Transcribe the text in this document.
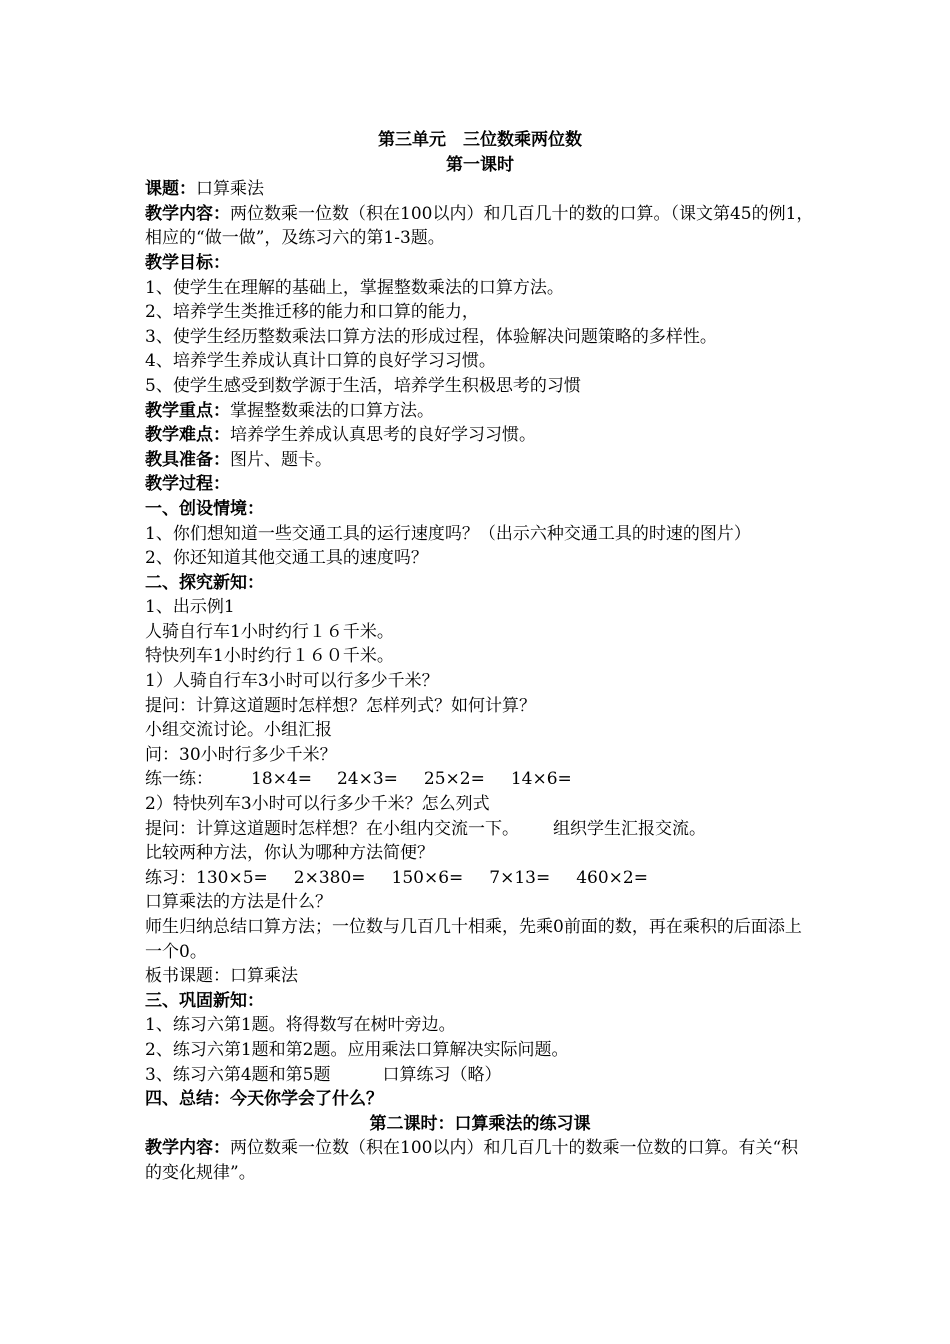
第三单元　三位数乘两位数
第一课时
课题：口算乘法
教学内容：两位数乘一位数（积在100以内）和几百几十的数的口算。（课文第45的例1，相应的“做一做”，及练习六的第1-3题。
教学目标：
1、使学生在理解的基础上，掌握整数乘法的口算方法。
2、培养学生类推迁移的能力和口算的能力，
3、使学生经历整数乘法口算方法的形成过程，体验解决问题策略的多样性。
4、培养学生养成认真计口算的良好学习习惯。
5、使学生感受到数学源于生活，培养学生积极思考的习惯
教学重点：掌握整数乘法的口算方法。
教学难点：培养学生养成认真思考的良好学习习惯。
教具准备：图片、题卡。
教学过程：
一、创设情境：
1、你们想知道一些交通工具的运行速度吗？（出示六种交通工具的时速的图片）
2、你还知道其他交通工具的速度吗？
二、探究新知：
1、出示例1
人骑自行车1小时约行１６千米。
特快列车1小时约行１６０千米。
1）人骑自行车3小时可以行多少千米？
提问：计算这道题时怎样想？怎样列式？如何计算？
小组交流讨论。小组汇报
问：30小时行多少千米？
练一练： 18×4= 24×3= 25×2= 14×6=
2）特快列车3小时可以行多少千米？怎么列式
提问：计算这道题时怎样想？在小组内交流一下。 组织学生汇报交流。
比较两种方法，你认为哪种方法简便？
练习：130×5= 2×380= 150×6= 7×13= 460×2=
口算乘法的方法是什么？
师生归纳总结口算方法；一位数与几百几十相乘，先乘0前面的数，再在乘积的后面添上一个0。
板书课题：口算乘法
三、巩固新知：
1、练习六第1题。将得数写在树叶旁边。
2、练习六第1题和第2题。应用乘法口算解决实际问题。
3、练习六第4题和第5题	口算练习（略）
四、总结：今天你学会了什么？
第二课时：口算乘法的练习课
教学内容：两位数乘一位数（积在100以内）和几百几十的数乘一位数的口算。有关“积的变化规律”。
